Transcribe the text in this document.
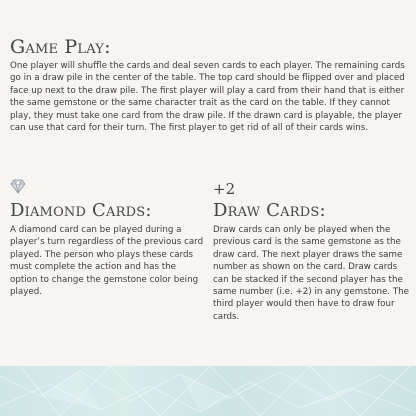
Game Play:

One player will shuffle the cards and deal seven cards to each player. The remaining cards go in a draw pile in the center of the table. The top card should be flipped over and placed face up next to the draw pile. The first player will play a card from their hand that is either the same gemstone or the same character trait as the card on the table. If they cannot play, they must take one card from the draw pile. If the drawn card is playable, the player can use that card for their turn. The first player to get rid of all of their cards wins.

Diamond Cards:

A diamond card can be played during a player’s turn regardless of the previous card played. The person who plays these cards must complete the action and has the option to change the gemstone color being played.

+2
Draw Cards:

Draw cards can only be played when the previous card is the same gemstone as the draw card. The next player draws the same number as shown on the card. Draw cards can be stacked if the second player has the same number (i.e. +2) in any gemstone. The third player would then have to draw four cards.
